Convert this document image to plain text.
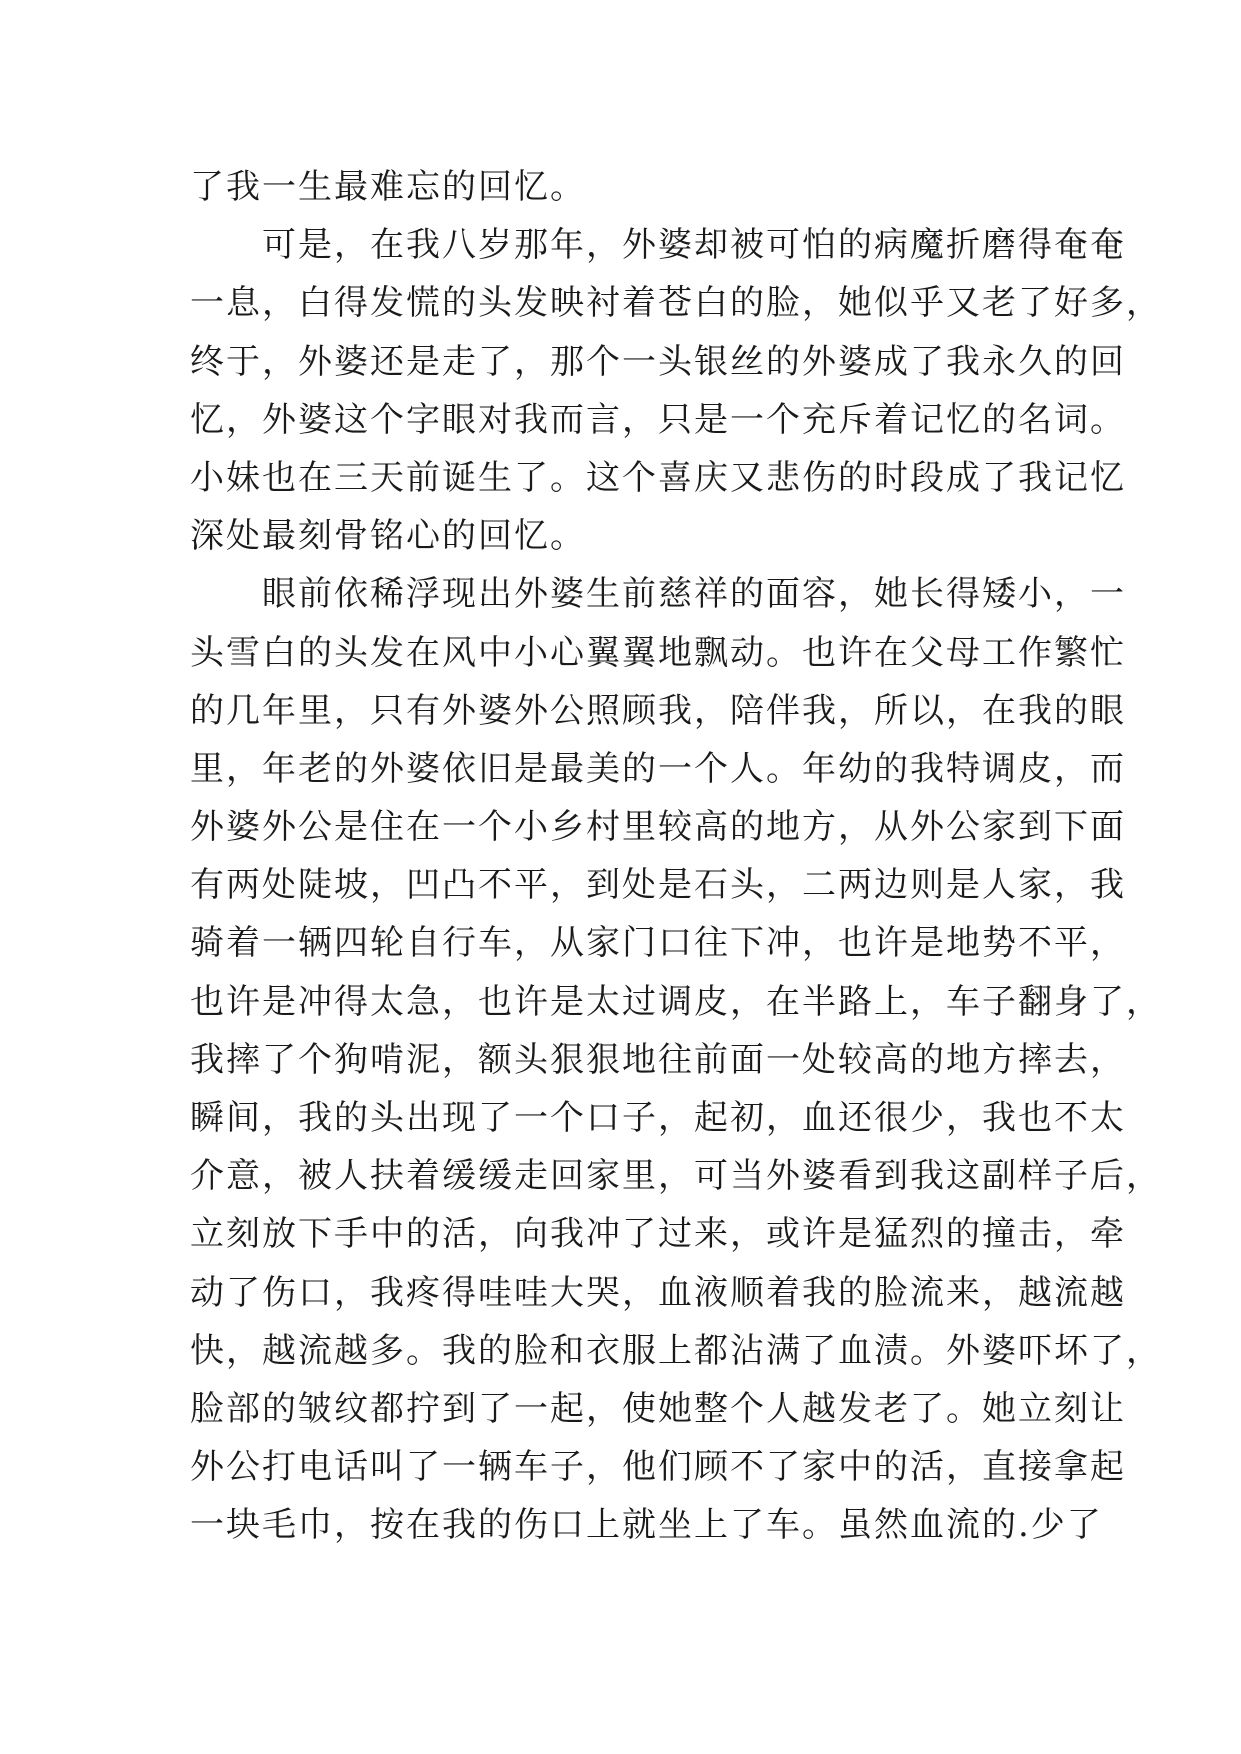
了我一生最难忘的回忆。
　　可是，在我八岁那年，外婆却被可怕的病魔折磨得奄奄
一息，白得发慌的头发映衬着苍白的脸，她似乎又老了好多，
终于，外婆还是走了，那个一头银丝的外婆成了我永久的回
忆，外婆这个字眼对我而言，只是一个充斥着记忆的名词。
小妹也在三天前诞生了。这个喜庆又悲伤的时段成了我记忆
深处最刻骨铭心的回忆。
　　眼前依稀浮现出外婆生前慈祥的面容，她长得矮小，一
头雪白的头发在风中小心翼翼地飘动。也许在父母工作繁忙
的几年里，只有外婆外公照顾我，陪伴我，所以，在我的眼
里，年老的外婆依旧是最美的一个人。年幼的我特调皮，而
外婆外公是住在一个小乡村里较高的地方，从外公家到下面
有两处陡坡，凹凸不平，到处是石头，二两边则是人家，我
骑着一辆四轮自行车，从家门口往下冲，也许是地势不平，
也许是冲得太急，也许是太过调皮，在半路上，车子翻身了，
我摔了个狗啃泥，额头狠狠地往前面一处较高的地方摔去，
瞬间，我的头出现了一个口子，起初，血还很少，我也不太
介意，被人扶着缓缓走回家里，可当外婆看到我这副样子后，
立刻放下手中的活，向我冲了过来，或许是猛烈的撞击，牵
动了伤口，我疼得哇哇大哭，血液顺着我的脸流来，越流越
快，越流越多。我的脸和衣服上都沾满了血渍。外婆吓坏了，
脸部的皱纹都拧到了一起，使她整个人越发老了。她立刻让
外公打电话叫了一辆车子，他们顾不了家中的活，直接拿起
一块毛巾，按在我的伤口上就坐上了车。虽然血流的.少了
